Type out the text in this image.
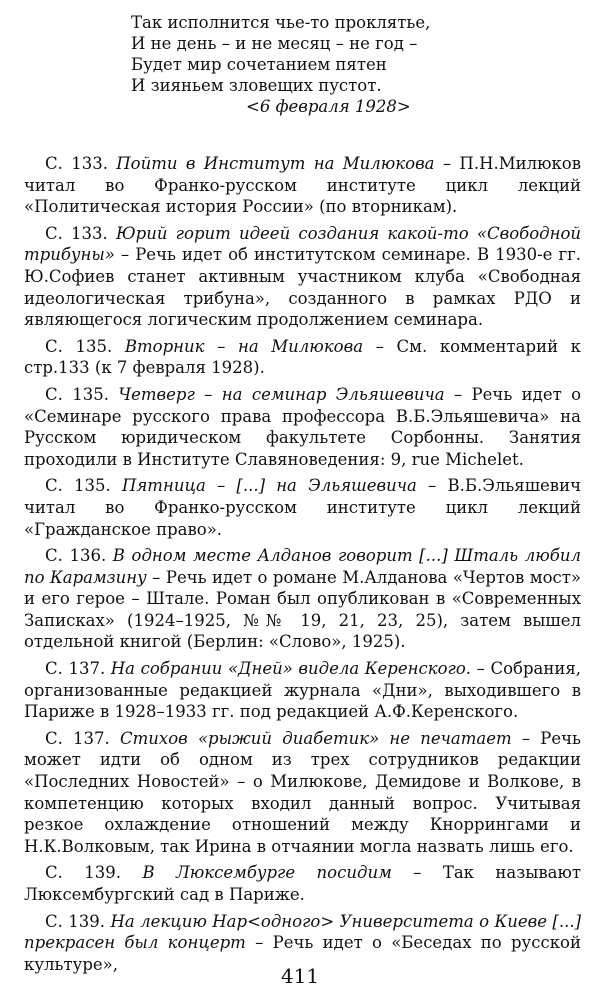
Так исполнится чье-то проклятье,
И не день – и не месяц – не год –
Будет мир сочетанием пятен
И зияньем зловещих пустот.
<6 февраля 1928>

С. 133. Пойти в Институт на Милюкова – П.Н.Милюков читал во Франко-русском институте цикл лекций «Политическая история России» (по вторникам).

С. 133. Юрий горит идеей создания какой-то «Свободной трибуны» – Речь идет об институтском семинаре. В 1930-е гг. Ю.Софиев станет активным участником клуба «Свободная идеологическая трибуна», созданного в рамках РДО и являющегося логическим продолжением семинара.

С. 135. Вторник – на Милюкова – См. комментарий к стр.133 (к 7 февраля 1928).

С. 135. Четверг – на семинар Эльяшевича – Речь идет о «Семинаре русского права профессора В.Б.Эльяшевича» на Русском юридическом факультете Сорбонны. Занятия проходили в Институте Славяноведения: 9, rue Michelet.

С. 135. Пятница – [...] на Эльяшевича – В.Б.Эльяшевич читал во Франко-русском институте цикл лекций «Гражданское право».

С. 136. В одном месте Алданов говорит [...] Шталь любил по Карамзину – Речь идет о романе М.Алданова «Чертов мост» и его герое – Штале. Роман был опубликован в «Современных Записках» (1924–1925, №№ 19, 21, 23, 25), затем вышел отдельной книгой (Берлин: «Слово», 1925).

С. 137. На собрании «Дней» видела Керенского. – Собрания, организованные редакцией журнала «Дни», выходившего в Париже в 1928–1933 гг. под редакцией А.Ф.Керенского.

С. 137. Стихов «рыжий диабетик» не печатает – Речь может идти об одном из трех сотрудников редакции «Последних Новостей» – о Милюкове, Демидове и Волкове, в компетенцию которых входил данный вопрос. Учитывая резкое охлаждение отношений между Кноррингами и Н.К.Волковым, так Ирина в отчаянии могла назвать лишь его.

С. 139. В Люксембурге посидим – Так называют Люксембургский сад в Париже.

С. 139. На лекцию Нар<одного> Университета о Киеве [...] прекрасен был концерт – Речь идет о «Беседах по русской культуре»,	411
